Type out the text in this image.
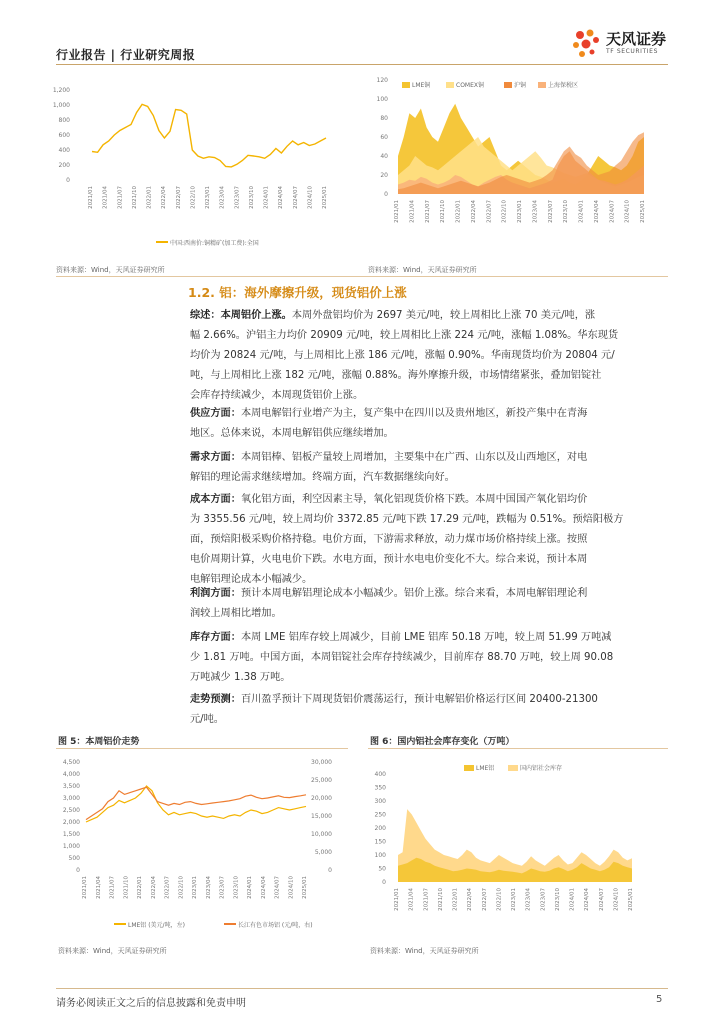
行业报告 | 行业研究周报
天风证券
TF SECURITIES
1,200
1,000
800
600
400
200
0
2021/01 2021/04 2021/07 2021/10 2022/01 2022/04 2022/07 2022/10 2023/01 2023/04 2023/07 2023/10 2024/01 2024/04 2024/07 2024/10 2025/01
中国:西南价:铜精矿(加工费):全国
资料来源：Wind，天风证券研究所
120
100
80
60
40
20
0
LME铜	COMEX铜	沪铜	上海保税区
2021/01 2021/04 2021/07 2021/10 2022/01 2022/04 2022/07 2022/10 2023/01 2023/04 2023/07 2023/10 2024/01 2024/04 2024/07 2024/10 2025/01
资料来源：Wind，天风证券研究所
1.2. 铝：海外摩擦升级，现货铝价上涨
综述：本周铝价上涨。本周外盘铝均价为 2697 美元/吨，较上周相比上涨 70 美元/吨，涨
幅 2.66%。沪铝主力均价 20909 元/吨，较上周相比上涨 224 元/吨，涨幅 1.08%。华东现货
均价为 20824 元/吨，与上周相比上涨 186 元/吨，涨幅 0.90%。华南现货均价为 20804 元/
吨，与上周相比上涨 182 元/吨，涨幅 0.88%。海外摩擦升级，市场情绪紧张，叠加铝锭社
会库存持续减少，本周现货铝价上涨。
供应方面：本周电解铝行业增产为主，复产集中在四川以及贵州地区，新投产集中在青海
地区。总体来说，本周电解铝供应继续增加。
需求方面：本周铝棒、铝板产量较上周增加，主要集中在广西、山东以及山西地区，对电
解铝的理论需求继续增加。终端方面，汽车数据继续向好。
成本方面：氧化铝方面，利空因素主导，氧化铝现货价格下跌。本周中国国产氧化铝均价
为 3355.56 元/吨，较上周均价 3372.85 元/吨下跌 17.29 元/吨，跌幅为 0.51%。预焙阳极方
面，预焙阳极采购价格持稳。电价方面，下游需求释放，动力煤市场价格持续上涨。按照
电价周期计算，火电电价下跌。水电方面，预计水电电价变化不大。综合来说，预计本周
电解铝理论成本小幅减少。
利润方面：预计本周电解铝理论成本小幅减少。铝价上涨。综合来看，本周电解铝理论利
润较上周相比增加。
库存方面：本周 LME 铝库存较上周减少，目前 LME 铝库 50.18 万吨，较上周 51.99 万吨减
少 1.81 万吨。中国方面，本周铝锭社会库存持续减少，目前库存 88.70 万吨，较上周 90.08
万吨减少 1.38 万吨。
走势预测：百川盈孚预计下周现货铝价震荡运行，预计电解铝价格运行区间 20400-21300
元/吨。
图 5：本周铝价走势
4,500
4,000
3,500
3,000
2,500
2,000
1,500
1,000
500
0
30,000
25,000
20,000
15,000
10,000
5,000
0
2021/01 2021/04 2021/07 2021/10 2022/01 2022/04 2022/07 2022/10 2023/01 2023/04 2023/07 2023/10 2024/01 2024/04 2024/07 2024/10 2025/01
LME铝 (美元/吨，左)	长江有色市场铝 (元/吨，右)
资料来源：Wind，天风证券研究所
图 6：国内铝社会库存变化（万吨）
400
350
300
250
200
150
100
50
0
LME铝	国内铝社会库存
2021/01 2021/04 2021/07 2021/10 2022/01 2022/04 2022/07 2022/10 2023/01 2023/04 2023/07 2023/10 2024/01 2024/04 2024/07 2024/10 2025/01
资料来源：Wind，天风证券研究所
请务必阅读正文之后的信息披露和免责申明	5
